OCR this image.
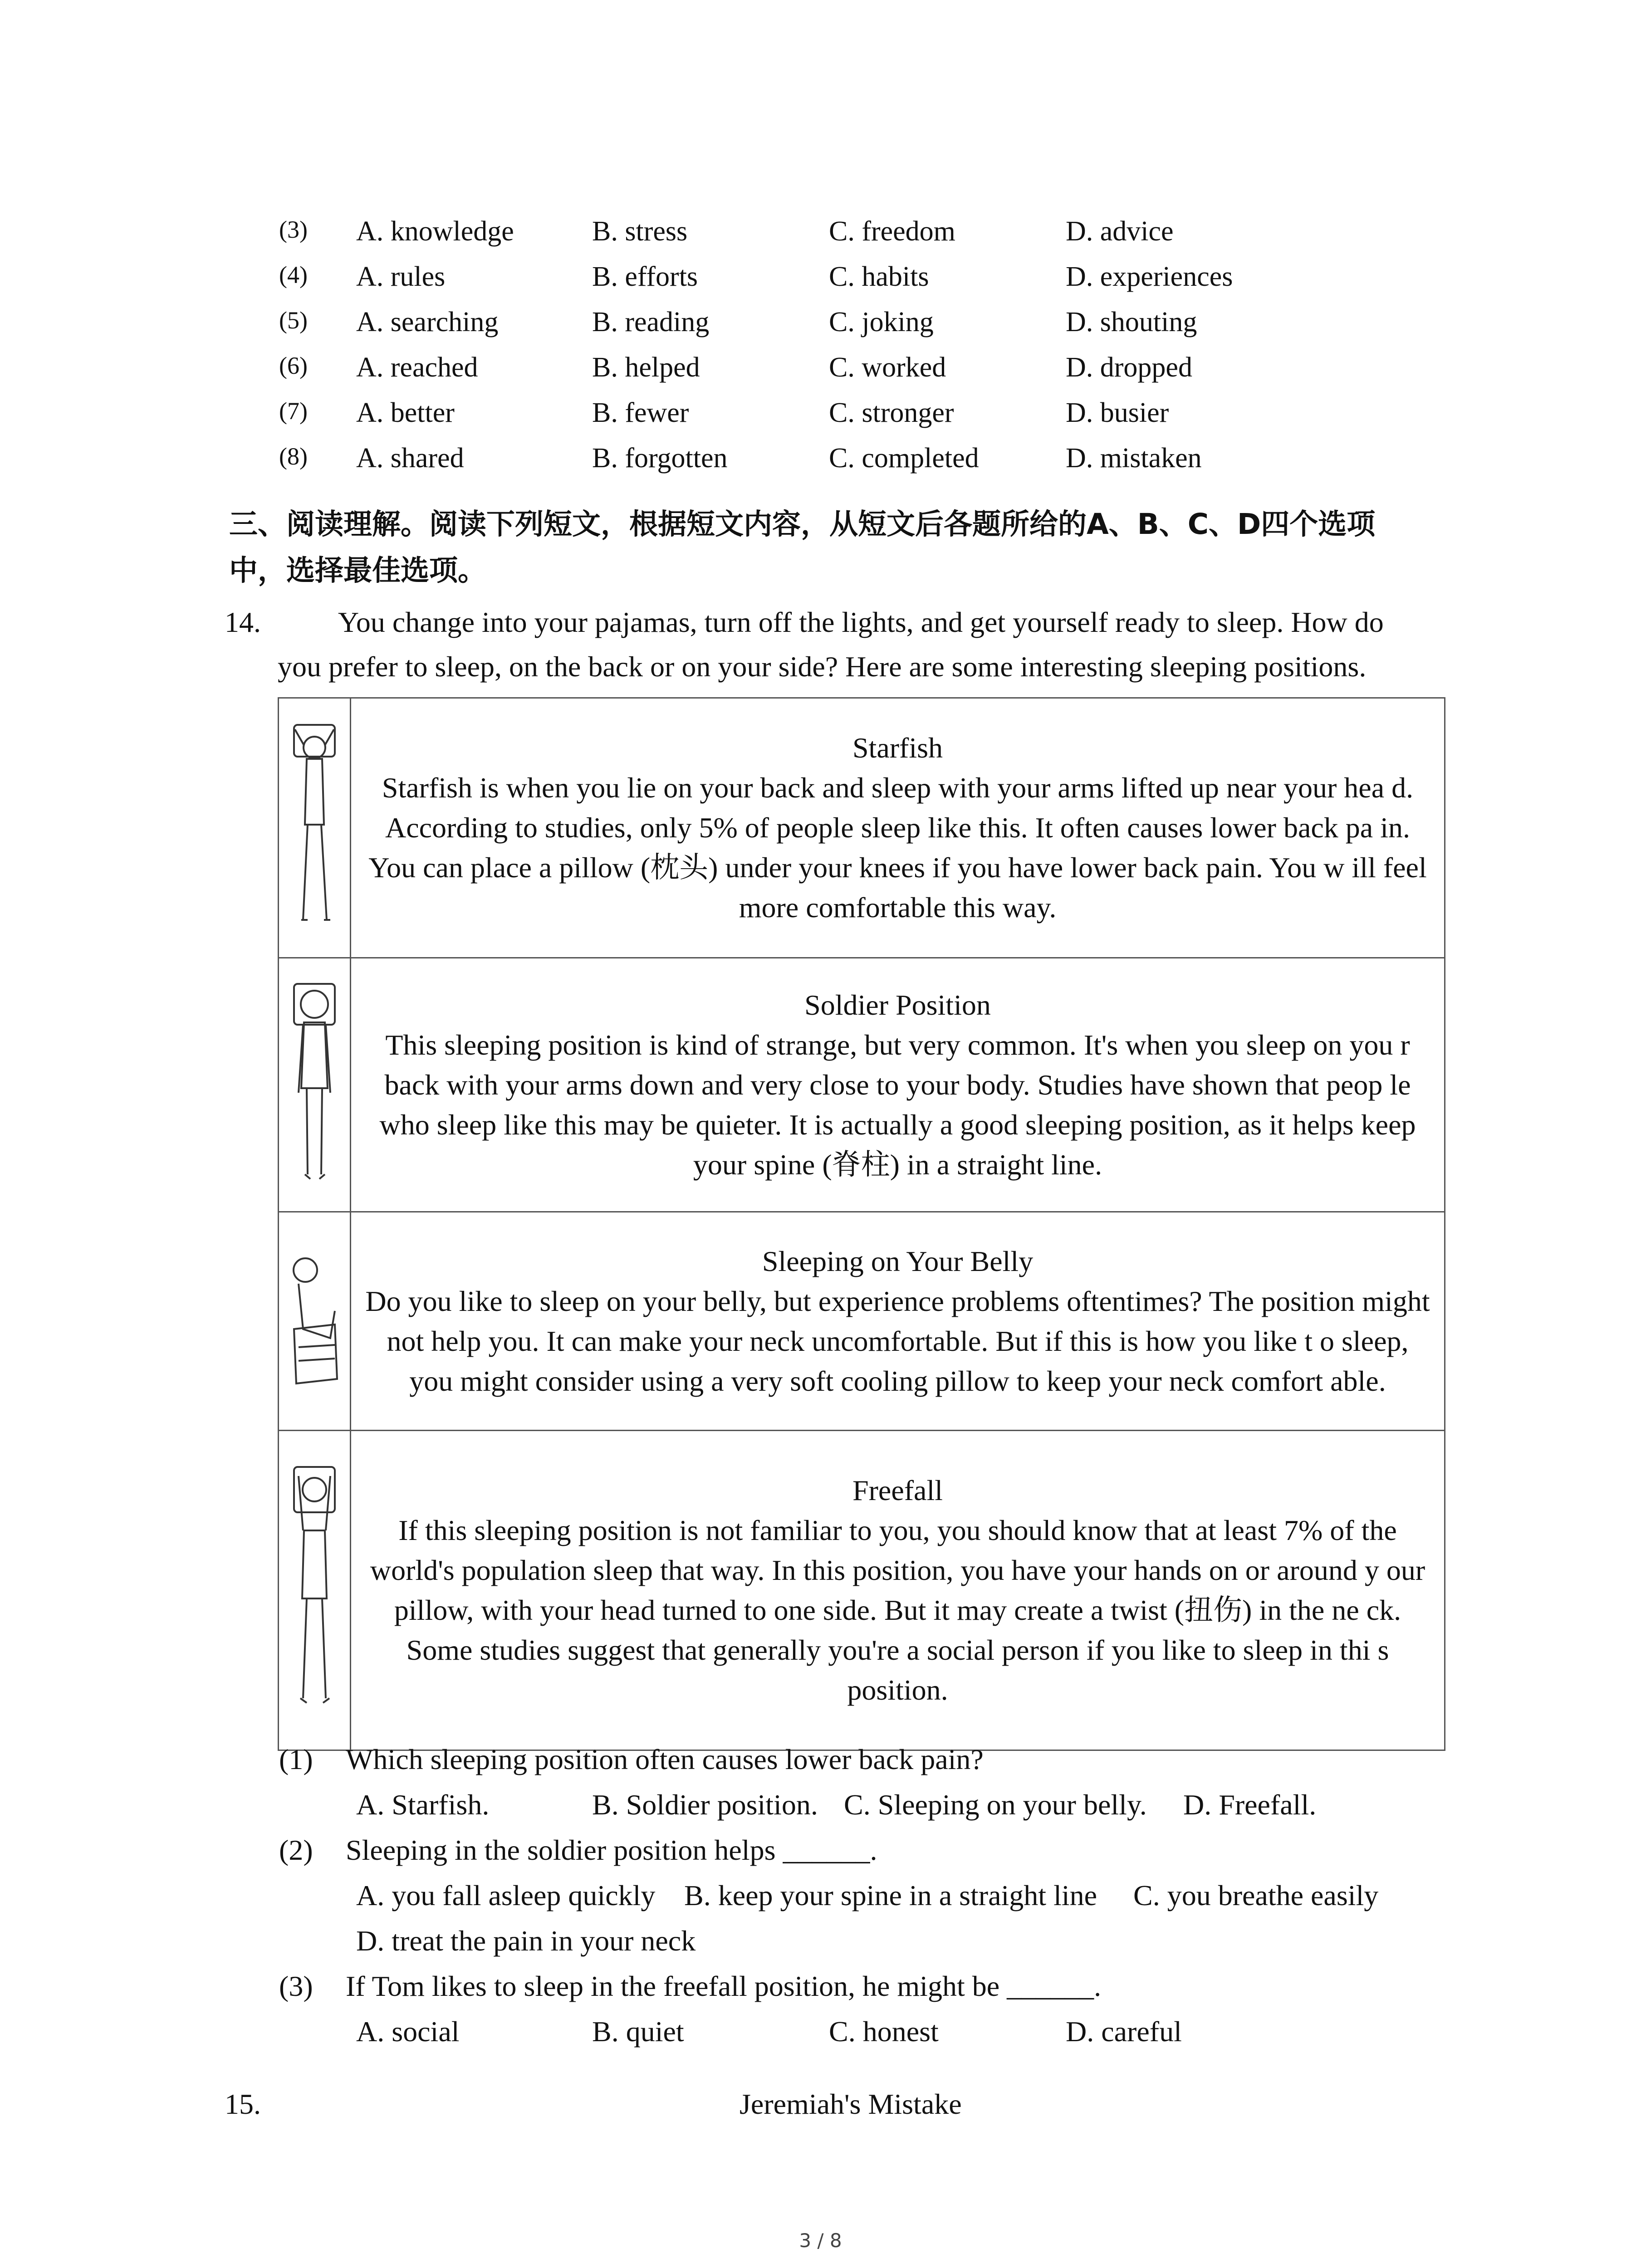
(3) A. knowledge	B. stress	C. freedom	D. advice
(4) A. rules	B. efforts	C. habits	D. experiences
(5) A. searching	B. reading	C. joking	D. shouting
(6) A. reached	B. helped	C. worked	D. dropped
(7) A. better	B. fewer	C. stronger	D. busier
(8) A. shared	B. forgotten	C. completed	D. mistaken
三、阅读理解。阅读下列短文，根据短文内容，从短文后各题所给的A、B、C、D四个选项
中，选择最佳选项。
14.	You change into your pajamas, turn off the lights, and get yourself ready to sleep. How do
you prefer to sleep, on the back or on your side? Here are some interesting sleeping positions.

Starfish
Starfish is when you lie on your back and sleep with your arms lifted up near your hea d. According to studies, only 5% of people sleep like this. It often causes lower back pa in. You can place a pillow (枕头) under your knees if you have lower back pain. You w ill feel more comfortable this way.

Soldier Position
This sleeping position is kind of strange, but very common. It's when you sleep on you r back with your arms down and very close to your body. Studies have shown that peop le who sleep like this may be quieter. It is actually a good sleeping position, as it helps keep your spine (脊柱) in a straight line.

Sleeping on Your Belly
Do you like to sleep on your belly, but experience problems oftentimes? The position might not help you. It can make your neck uncomfortable. But if this is how you like t o sleep, you might consider using a very soft cooling pillow to keep your neck comfort able.

Freefall
If this sleeping position is not familiar to you, you should know that at least 7% of the world's population sleep that way. In this position, you have your hands on or around y our pillow, with your head turned to one side. But it may create a twist (扭伤) in the ne ck. Some studies suggest that generally you're a social person if you like to sleep in thi s position.
(1) Which sleeping position often causes lower back pain?
A. Starfish.	B. Soldier position. C. Sleeping on your belly. D. Freefall.
(2) Sleeping in the soldier position helps ______.
A. you fall asleep quickly B. keep your spine in a straight line C. you breathe easily
D. treat the pain in your neck
(3) If Tom likes to sleep in the freefall position, he might be ______.
A. social	B. quiet	C. honest	D. careful
15.	Jeremiah's Mistake
3 / 8
